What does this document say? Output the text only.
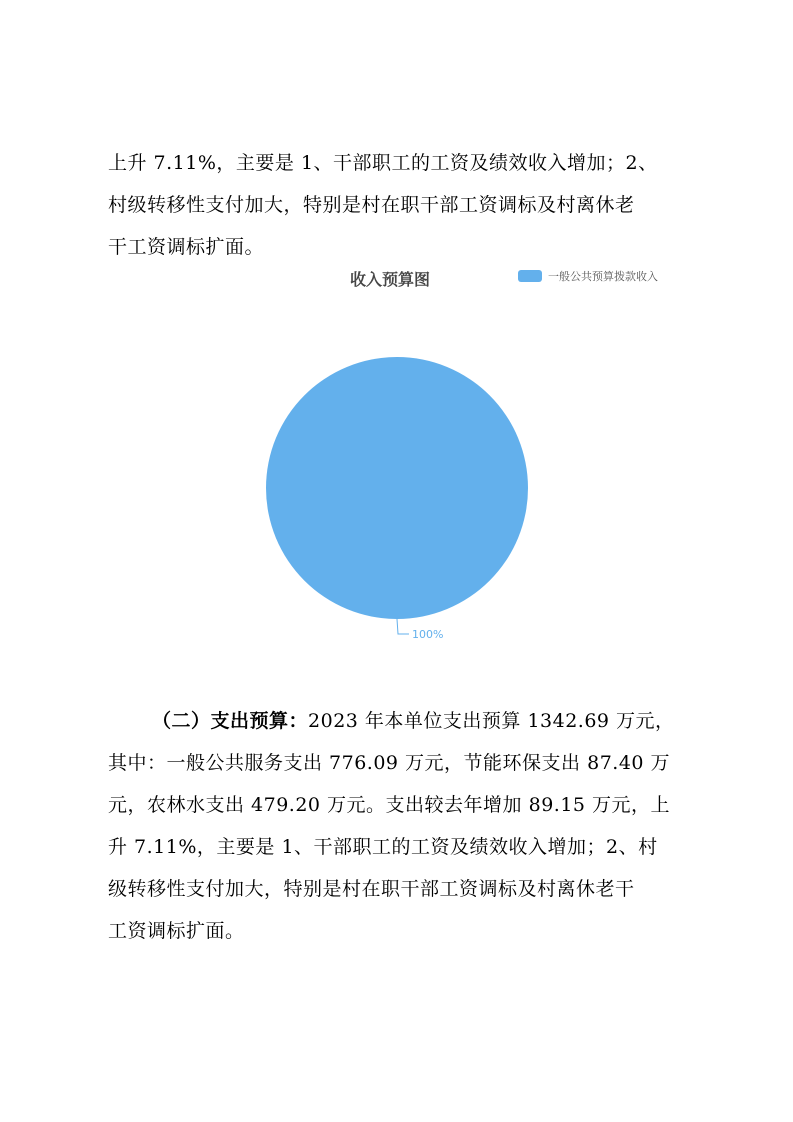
上升 7.11%，主要是 1、干部职工的工资及绩效收入增加；2、
村级转移性支付加大，特别是村在职干部工资调标及村离休老
干工资调标扩面。
收入预算图	一般公共预算拨款收入
100%
（二）支出预算：2023 年本单位支出预算 1342.69 万元，
其中：一般公共服务支出 776.09 万元，节能环保支出 87.40 万
元，农林水支出 479.20 万元。支出较去年增加 89.15 万元，上
升 7.11%，主要是 1、干部职工的工资及绩效收入增加；2、村
级转移性支付加大，特别是村在职干部工资调标及村离休老干
工资调标扩面。
